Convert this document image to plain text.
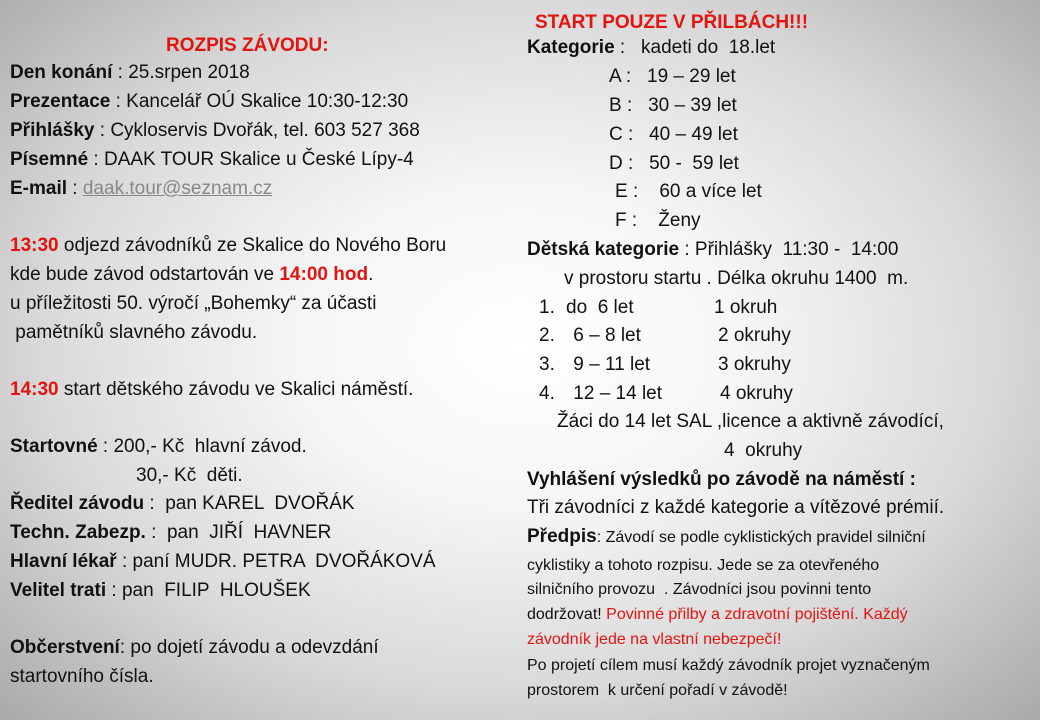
ROZPIS ZÁVODU:
Den konání : 25.srpen 2018
Prezentace : Kancelář OÚ Skalice 10:30-12:30
Přihlášky : Cykloservis Dvořák, tel. 603 527 368
Písemné : DAAK TOUR Skalice u České Lípy-4
E-mail : daak.tour@seznam.cz
13:30 odjezd závodníků ze Skalice do Nového Boru
kde bude závod odstartován ve 14:00 hod.
u příležitosti 50. výročí „Bohemky“ za účasti
pamětníků slavného závodu.
14:30 start dětského závodu ve Skalici náměstí.
Startovné : 200,- Kč  hlavní závod.
30,- Kč  děti.
Ředitel závodu :  pan KAREL  DVOŘÁK
Techn. Zabezp. :  pan  JIŘÍ  HAVNER
Hlavní lékař : paní MUDR. PETRA  DVOŘÁKOVÁ
Velitel trati : pan  FILIP  HLOUŠEK
Občerstvení: po dojetí závodu a odevzdání
startovního čísla.
START POUZE V PŘILBÁCH!!!
Kategorie :   kadeti do  18.let
A :   19 – 29 let
B :   30 – 39 let
C :   40 – 49 let
D :   50 -  59 let
E :    60 a více let
F :    Ženy
Dětská kategorie : Přihlášky  11:30 -  14:00
v prostoru startu . Délka okruhu 1400  m.
1. do  6 let	1 okruh
2. 6 – 8 let	2 okruhy
3. 9 – 11 let	3 okruhy
4. 12 – 14 let	4 okruhy
Žáci do 14 let SAL ,licence a aktivně závodící,
4  okruhy
Vyhlášení výsledků po závodě na náměstí :
Tři závodníci z každé kategorie a vítězové prémií.
Předpis: Závodí se podle cyklistických pravidel silniční
cyklistiky a tohoto rozpisu. Jede se za otevřeného
silničního provozu  . Závodníci jsou povinni tento
dodržovat! Povinné přilby a zdravotní pojištění. Každý
závodník jede na vlastní nebezpečí!
Po projetí cílem musí každý závodník projet vyznačeným
prostorem  k určení pořadí v závodě!
